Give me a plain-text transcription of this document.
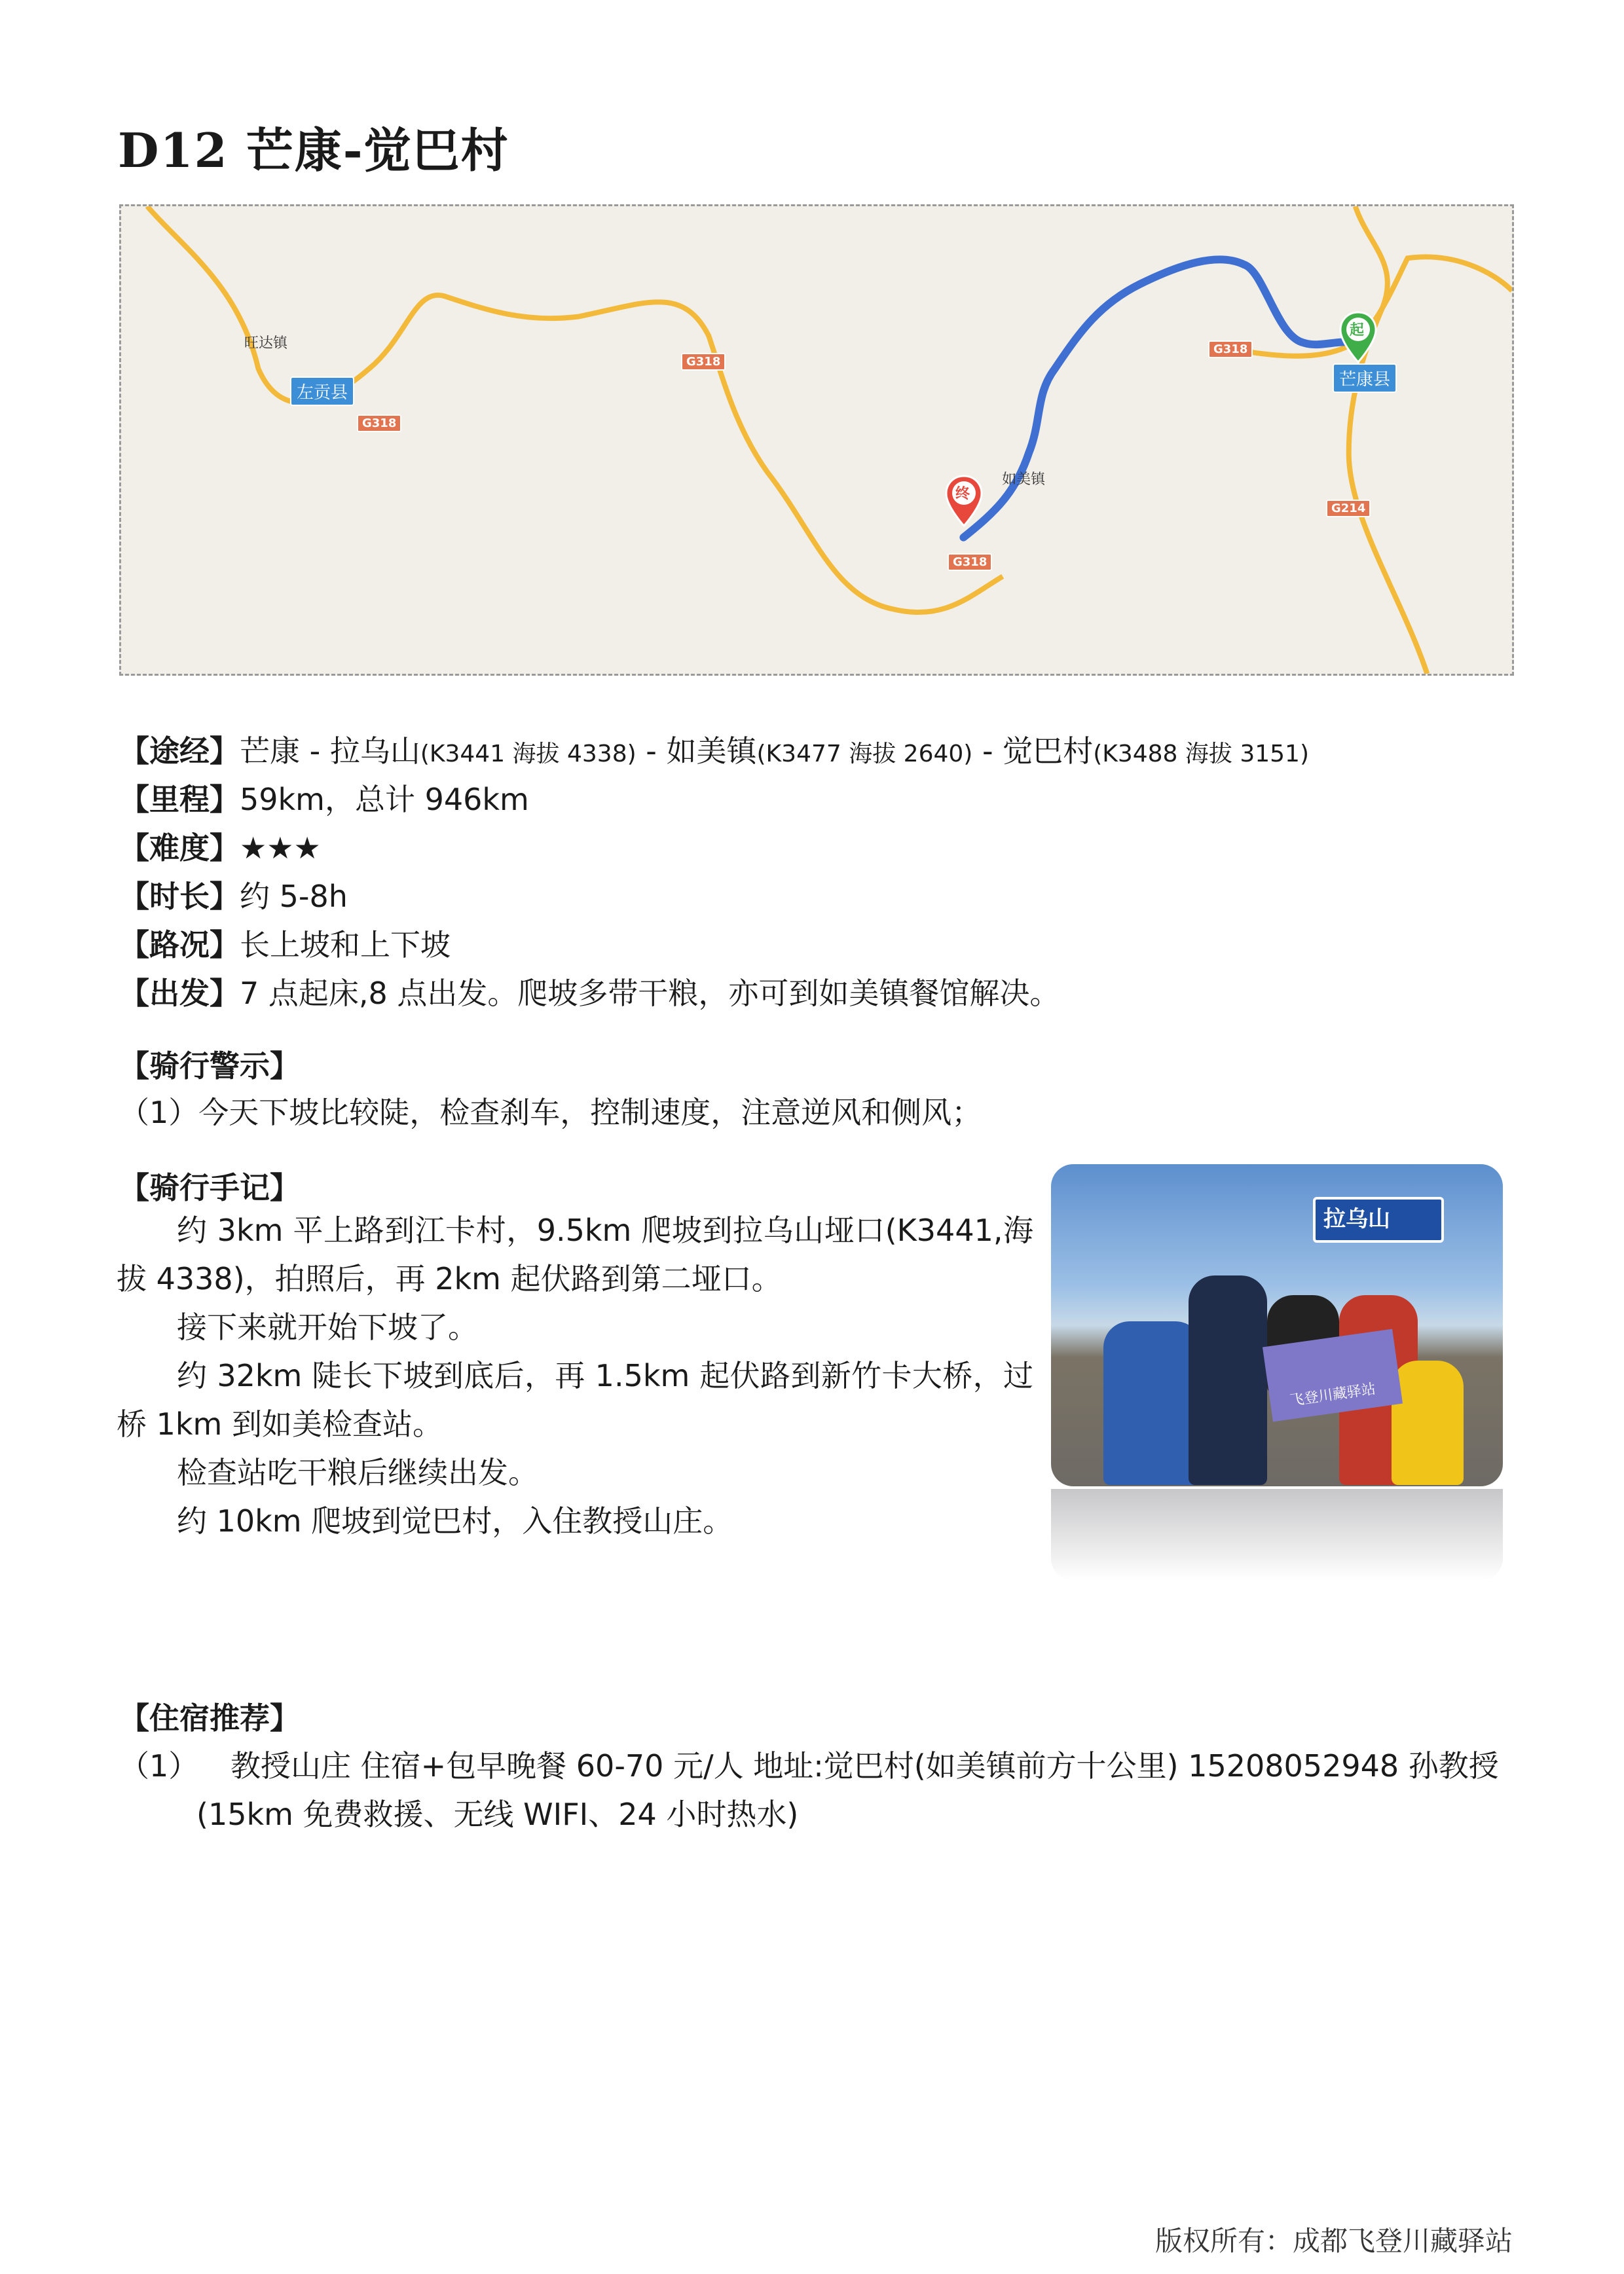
D12 芒康-觉巴村
旺达镇
如美镇
左贡县
芒康县
G318
G318
G318
G318
G214
终
起

【途经】芒康 - 拉乌山(K3441 海拔 4338) - 如美镇(K3477 海拔 2640) - 觉巴村(K3488 海拔 3151)

【里程】59km，总计 946km

【难度】★★★

【时长】约 5-8h

【路况】长上坡和上下坡

【出发】7 点起床,8 点出发。爬坡多带干粮，亦可到如美镇餐馆解决。

【骑行警示】

（1）今天下坡比较陡，检查刹车，控制速度，注意逆风和侧风；

【骑行手记】

约 3km 平上路到江卡村，9.5km 爬坡到拉乌山垭口(K3441,海拔 4338)，拍照后，再 2km 起伏路到第二垭口。

接下来就开始下坡了。

约 32km 陡长下坡到底后，再 1.5km 起伏路到新竹卡大桥，过桥 1km 到如美检查站。

检查站吃干粮后继续出发。

约 10km 爬坡到觉巴村，入住教授山庄。

拉乌山
飞登川藏驿站
【住宿推荐】
（1） 教授山庄 住宿+包早晚餐 60-70 元/人 地址:觉巴村(如美镇前方十公里) 15208052948 孙教授
(15km 免费救援、无线 WIFI、24 小时热水)

版权所有：成都飞登川藏驿站
